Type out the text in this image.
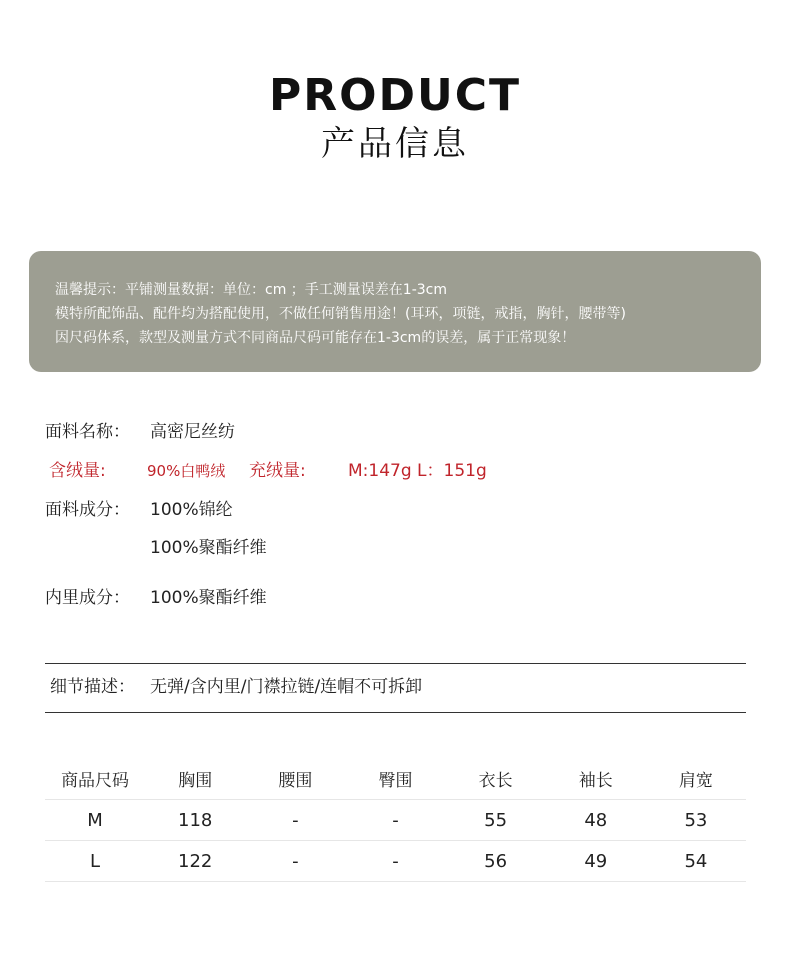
PRODUCT
产品信息
温馨提示：平铺测量数据：单位：cm ；手工测量误差在1-3cm
模特所配饰品、配件均为搭配使用，不做任何销售用途！(耳环，项链，戒指，胸针，腰带等)
因尺码体系，款型及测量方式不同商品尺码可能存在1-3cm的误差，属于正常现象！
面料名称： 高密尼丝纺
含绒量:	90%白鸭绒 充绒量: M:147g L：151g
面料成分： 100%锦纶
100%聚酯纤维
内里成分： 100%聚酯纤维
细节描述： 无弹/含内里/门襟拉链/连帽不可拆卸
商品尺码	胸围	腰围	臀围	衣长	袖长	肩宽
M	118	-	-	55	48	53
L	122	-	-	56	49	54
